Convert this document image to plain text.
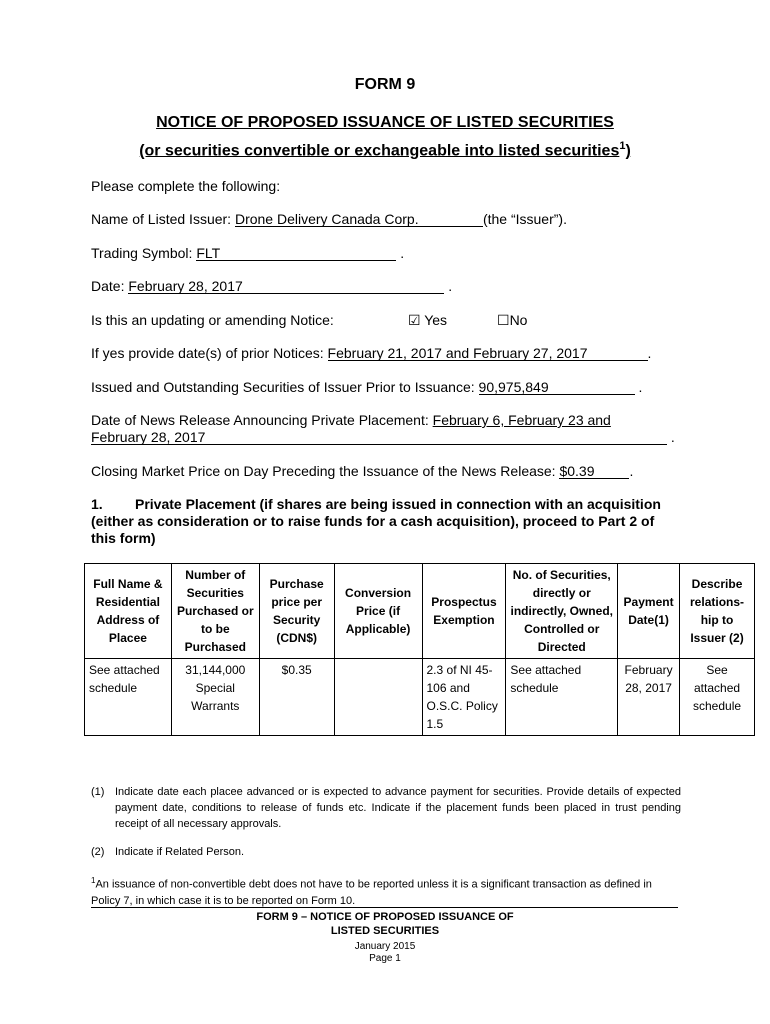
FORM 9
NOTICE OF PROPOSED ISSUANCE OF LISTED SECURITIES
(or securities convertible or exchangeable into listed securities$^1$)
Please complete the following:
Name of Listed Issuer: Drone Delivery Canada Corp.	(the “Issuer”).
Trading Symbol: FLT	.
Date: February 28, 2017	.
Is this an updating or amending Notice:	☑ Yes	☐No
If yes provide date(s) of prior Notices: February 21, 2017 and February 27, 2017	.
Issued and Outstanding Securities of Issuer Prior to Issuance: 90,975,849	.
Date of News Release Announcing Private Placement: February 6, February 23 and
February 28, 2017	.
Closing Market Price on Day Preceding the Issuance of the News Release: $0.39 .
1. Private Placement (if shares are being issued in connection with an acquisition (either as consideration or to raise funds for a cash acquisition), proceed to Part 2 of this form)
Full Name & Residential Address of Placee	Number of Securities Purchased or to be Purchased	Purchase price per Security (CDN$)	Conversion Price (if Applicable)	Prospectus Exemption	No. of Securities, directly or indirectly, Owned, Controlled or Directed	Payment Date(1)	Describe relations-hip to Issuer (2)
See attached schedule	31,144,000 Special Warrants	$0.35		2.3 of NI 45-106 and O.S.C. Policy 1.5	See attached schedule	February 28, 2017	See attached schedule
(1) Indicate date each placee advanced or is expected to advance payment for securities. Provide details of expected payment date, conditions to release of funds etc. Indicate if the placement funds been placed in trust pending receipt of all necessary approvals.
(2) Indicate if Related Person.
$^1$An issuance of non-convertible debt does not have to be reported unless it is a significant transaction as defined in Policy 7, in which case it is to be reported on Form 10.
FORM 9 – NOTICE OF PROPOSED ISSUANCE OF
LISTED SECURITIES
January 2015
Page 1
